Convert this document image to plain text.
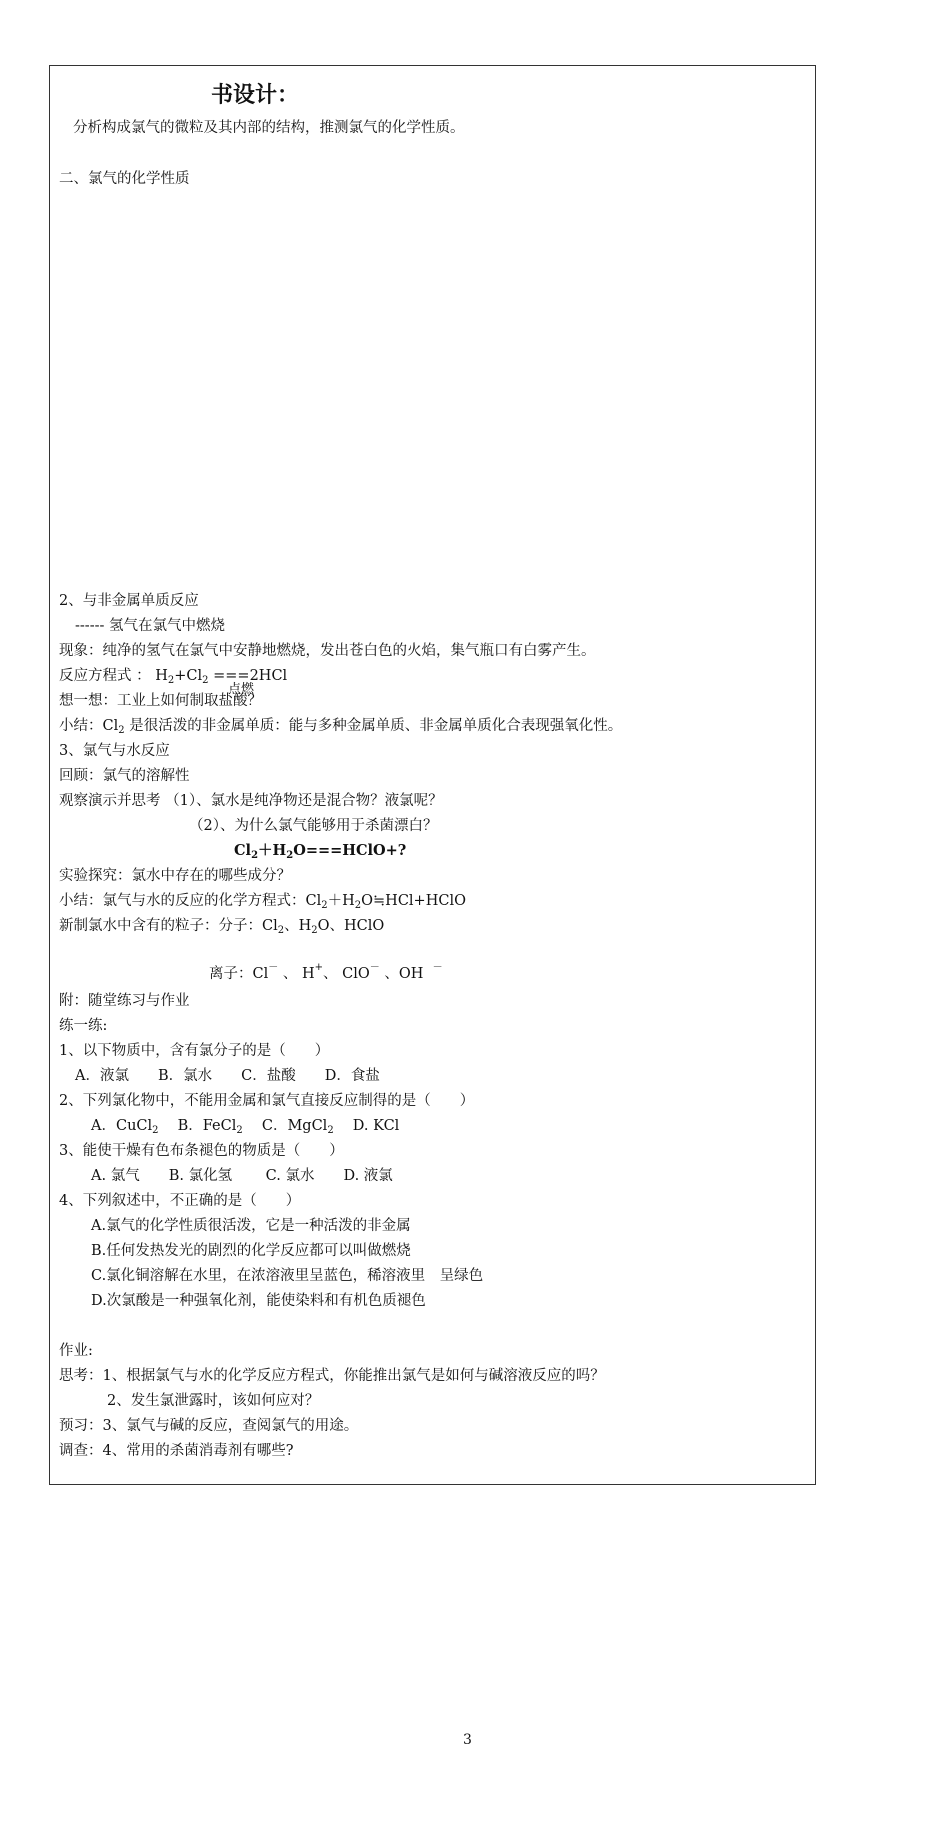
书设计：
分析构成氯气的微粒及其内部的结构，推测氯气的化学性质。
二、氯气的化学性质
2、与非金属单质反应
------ 氢气在氯气中燃烧
现象：纯净的氢气在氯气中安静地燃烧，发出苍白色的火焰，集气瓶口有白雾产生。
反应方程式 ： $H_2+Cl_2 ===2HCl$
点燃
想一想：工业上如何制取盐酸？
小结：$Cl_2$ 是很活泼的非金属单质：能与多种金属单质、非金属单质化合表现强氧化性。
3、氯气与水反应
回顾：氯气的溶解性
观察演示并思考 （1）、氯水是纯净物还是混合物？液氯呢？
（2）、为什么氯气能够用于杀菌漂白？
$Cl_2+H_2O===HClO+$?
实验探究：氯水中存在的哪些成分？
小结：氯气与水的反应的化学方程式：$Cl_2+H_2O≒HCl+HClO$
新制氯水中含有的粒子：分子：$Cl_2$、$H_2O$、HClO
离子：Cl－ 、 H+、 ClO－ 、OH －
附：随堂练习与作业
练一练:
1、以下物质中，含有氯分子的是（　　）
A．液氯　　B．氯水　　C．盐酸　　D．食盐
2、下列氯化物中，不能用金属和氯气直接反应制得的是（　　）
A．CuCl$_2$　 B．FeCl$_2$　 C．MgCl$_2$　 D. KCl
3、能使干燥有色布条褪色的物质是（　　）
A. 氯气　　B. 氯化氢　　 C. 氯水　　D. 液氯
4、下列叙述中，不正确的是（　　）
A.氯气的化学性质很活泼，它是一种活泼的非金属
B.任何发热发光的剧烈的化学反应都可以叫做燃烧
C.氯化铜溶解在水里，在浓溶液里呈蓝色，稀溶液里　呈绿色
D.次氯酸是一种强氧化剂，能使染料和有机色质褪色
作业:
思考：1、根据氯气与水的化学反应方程式，你能推出氯气是如何与碱溶液反应的吗？
2、发生氯泄露时，该如何应对？
预习：3、氯气与碱的反应，查阅氯气的用途。
调查：4、常用的杀菌消毒剂有哪些?
3
